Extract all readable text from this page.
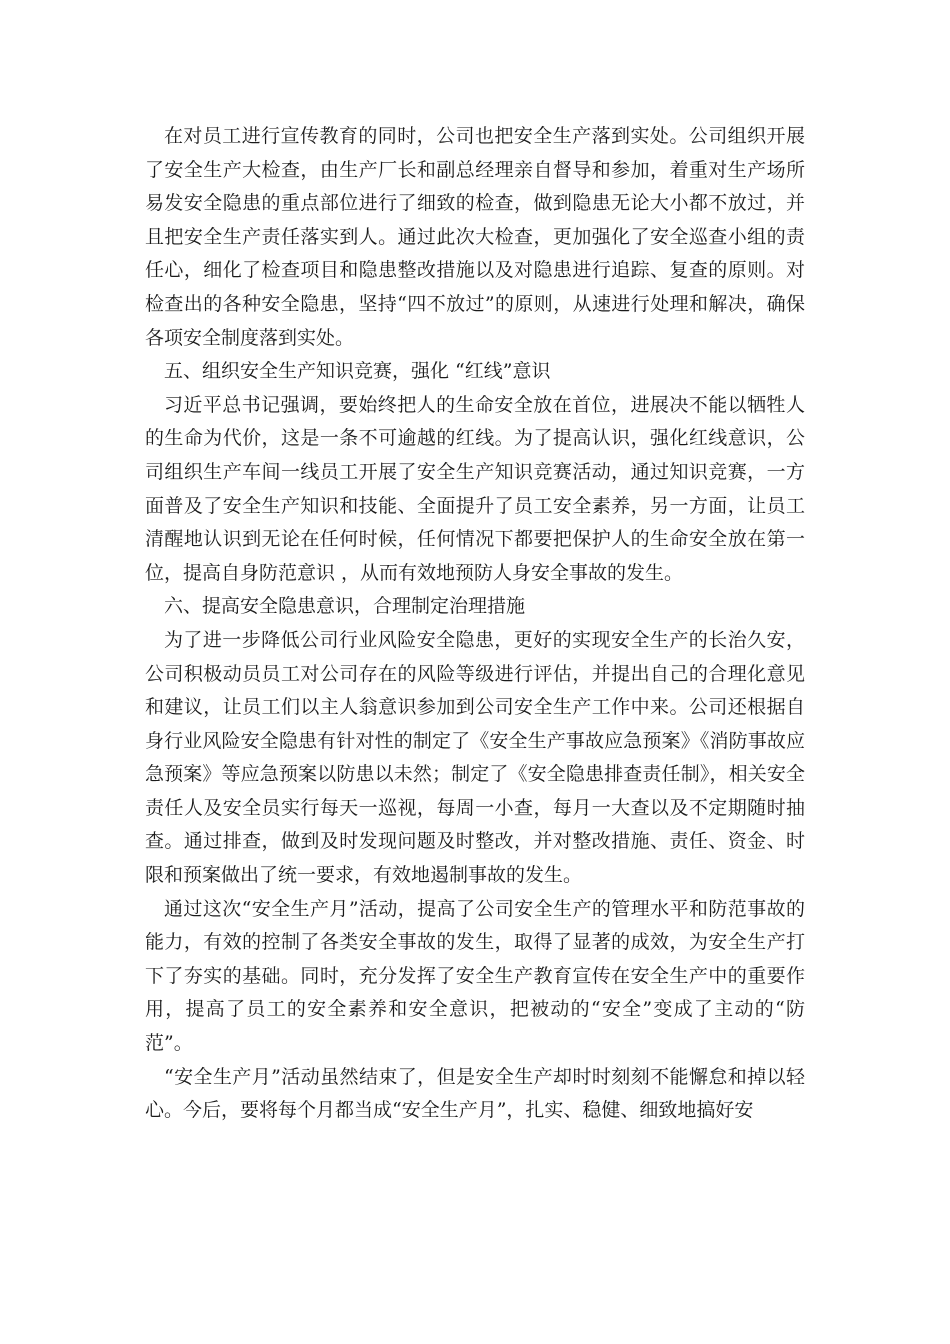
在对员工进行宣传教育的同时，公司也把安全生产落到实处。公司组织开展了安全生产大检查，由生产厂长和副总经理亲自督导和参加，着重对生产场所易发安全隐患的重点部位进行了细致的检查，做到隐患无论大小都不放过，并且把安全生产责任落实到人。通过此次大检查，更加强化了安全巡查小组的责任心，细化了检查项目和隐患整改措施以及对隐患进行追踪、复查的原则。对检查出的各种安全隐患，坚持“四不放过”的原则，从速进行处理和解决，确保各项安全制度落到实处。

五、组织安全生产知识竞赛，强化 “红线”意识

习近平总书记强调，要始终把人的生命安全放在首位，进展决不能以牺牲人的生命为代价，这是一条不可逾越的红线。为了提高认识，强化红线意识，公司组织生产车间一线员工开展了安全生产知识竞赛活动，通过知识竞赛，一方面普及了安全生产知识和技能、全面提升了员工安全素养，另一方面，让员工清醒地认识到无论在任何时候，任何情况下都要把保护人的生命安全放在第一位，提高自身防范意识 ，从而有效地预防人身安全事故的发生。

六、提高安全隐患意识，合理制定治理措施

为了进一步降低公司行业风险安全隐患，更好的实现安全生产的长治久安，公司积极动员员工对公司存在的风险等级进行评估，并提出自己的合理化意见和建议，让员工们以主人翁意识参加到公司安全生产工作中来。公司还根据自身行业风险安全隐患有针对性的制定了《安全生产事故应急预案》《消防事故应急预案》等应急预案以防患以未然；制定了《安全隐患排查责任制》，相关安全责任人及安全员实行每天一巡视，每周一小查，每月一大查以及不定期随时抽查。通过排查，做到及时发现问题及时整改，并对整改措施、责任、资金、时限和预案做出了统一要求，有效地遏制事故的发生。

通过这次“安全生产月”活动，提高了公司安全生产的管理水平和防范事故的能力，有效的控制了各类安全事故的发生，取得了显著的成效，为安全生产打下了夯实的基础。同时，充分发挥了安全生产教育宣传在安全生产中的重要作用，提高了员工的安全素养和安全意识，把被动的“安全”变成了主动的“防范”。

“安全生产月”活动虽然结束了，但是安全生产却时时刻刻不能懈怠和掉以轻心。今后，要将每个月都当成“安全生产月”，扎实、稳健、细致地搞好安
